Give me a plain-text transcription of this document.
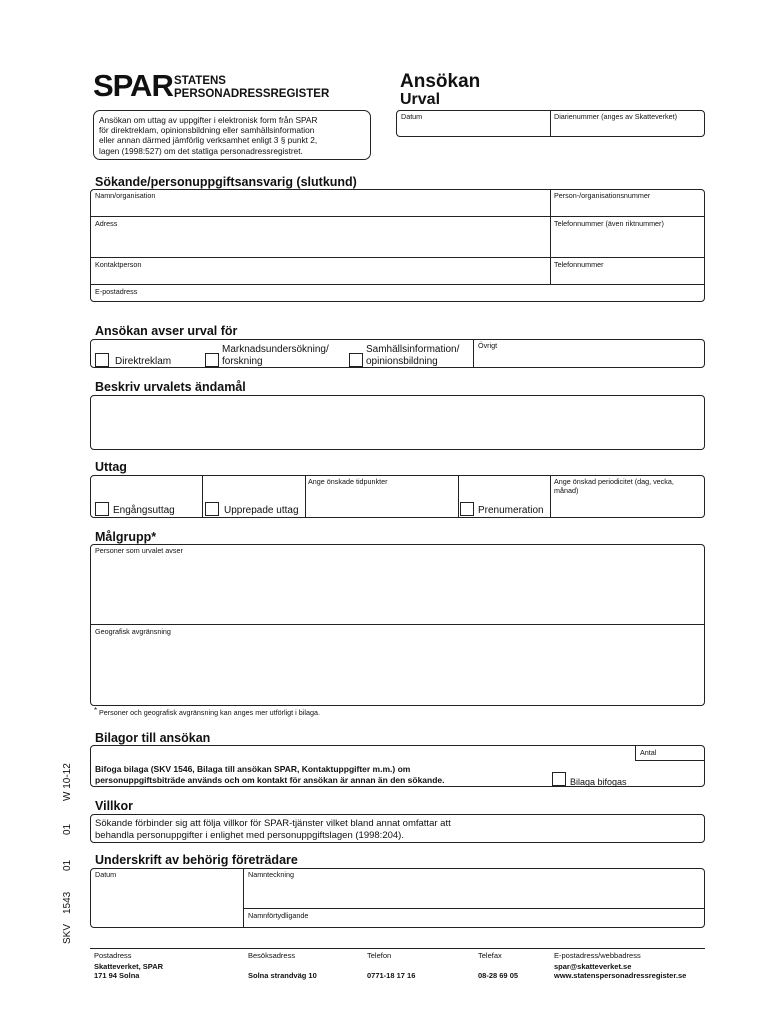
SPAR STATENS
PERSONADRESSREGISTER
Ansökan
Urval
Ansökan om uttag av uppgifter i elektronisk form från SPAR
för direktreklam, opinionsbildning eller samhällsinformation
eller annan därmed jämförlig verksamhet enligt 3 § punkt 2,
lagen (1998:527) om det statliga personadressregistret.
Datum	Diarienummer (anges av Skatteverket)
Sökande/personuppgiftsansvarig (slutkund)
Namn/organisation	Person-/organisationsnummer
Adress	Telefonnummer (även riktnummer)
Kontaktperson	Telefonnummer
E-postadress
Ansökan avser urval för
Direktreklam
Marknadsundersökning/
forskning
Samhällsinformation/
opinionsbildning
Övrigt
Beskriv urvalets ändamål
Uttag
Ange önskade tidpunkter	Ange önskad periodicitet (dag, vecka,
månad)
Engångsuttag	Upprepade uttag	Prenumeration
Målgrupp*
Personer som urvalet avser
Geografisk avgränsning
* Personer och geografisk avgränsning kan anges mer utförligt i bilaga.
Bilagor till ansökan
Antal
Bifoga bilaga (SKV 1546, Bilaga till ansökan SPAR, Kontaktuppgifter m.m.) om
personuppgiftsbiträde används och om kontakt för ansökan är annan än den sökande.	Bilaga bifogas
Villkor
Sökande förbinder sig att följa villkor för SPAR-tjänster vilket bland annat omfattar att
behandla personuppgifter i enlighet med personuppgiftslagen (1998:204).
Underskrift av behörig företrädare
Datum	Namnteckning
Namnförtydligande
SKV
1543
01
01
W 10-12
Postadress
Skatteverket, SPAR
171 94 Solna
Besöksadress
Solna strandväg 10
Telefon
0771-18 17 16
Telefax
08-28 69 05
E-postadress/webbadress
spar@skatteverket.se
www.statenspersonadressregister.se
